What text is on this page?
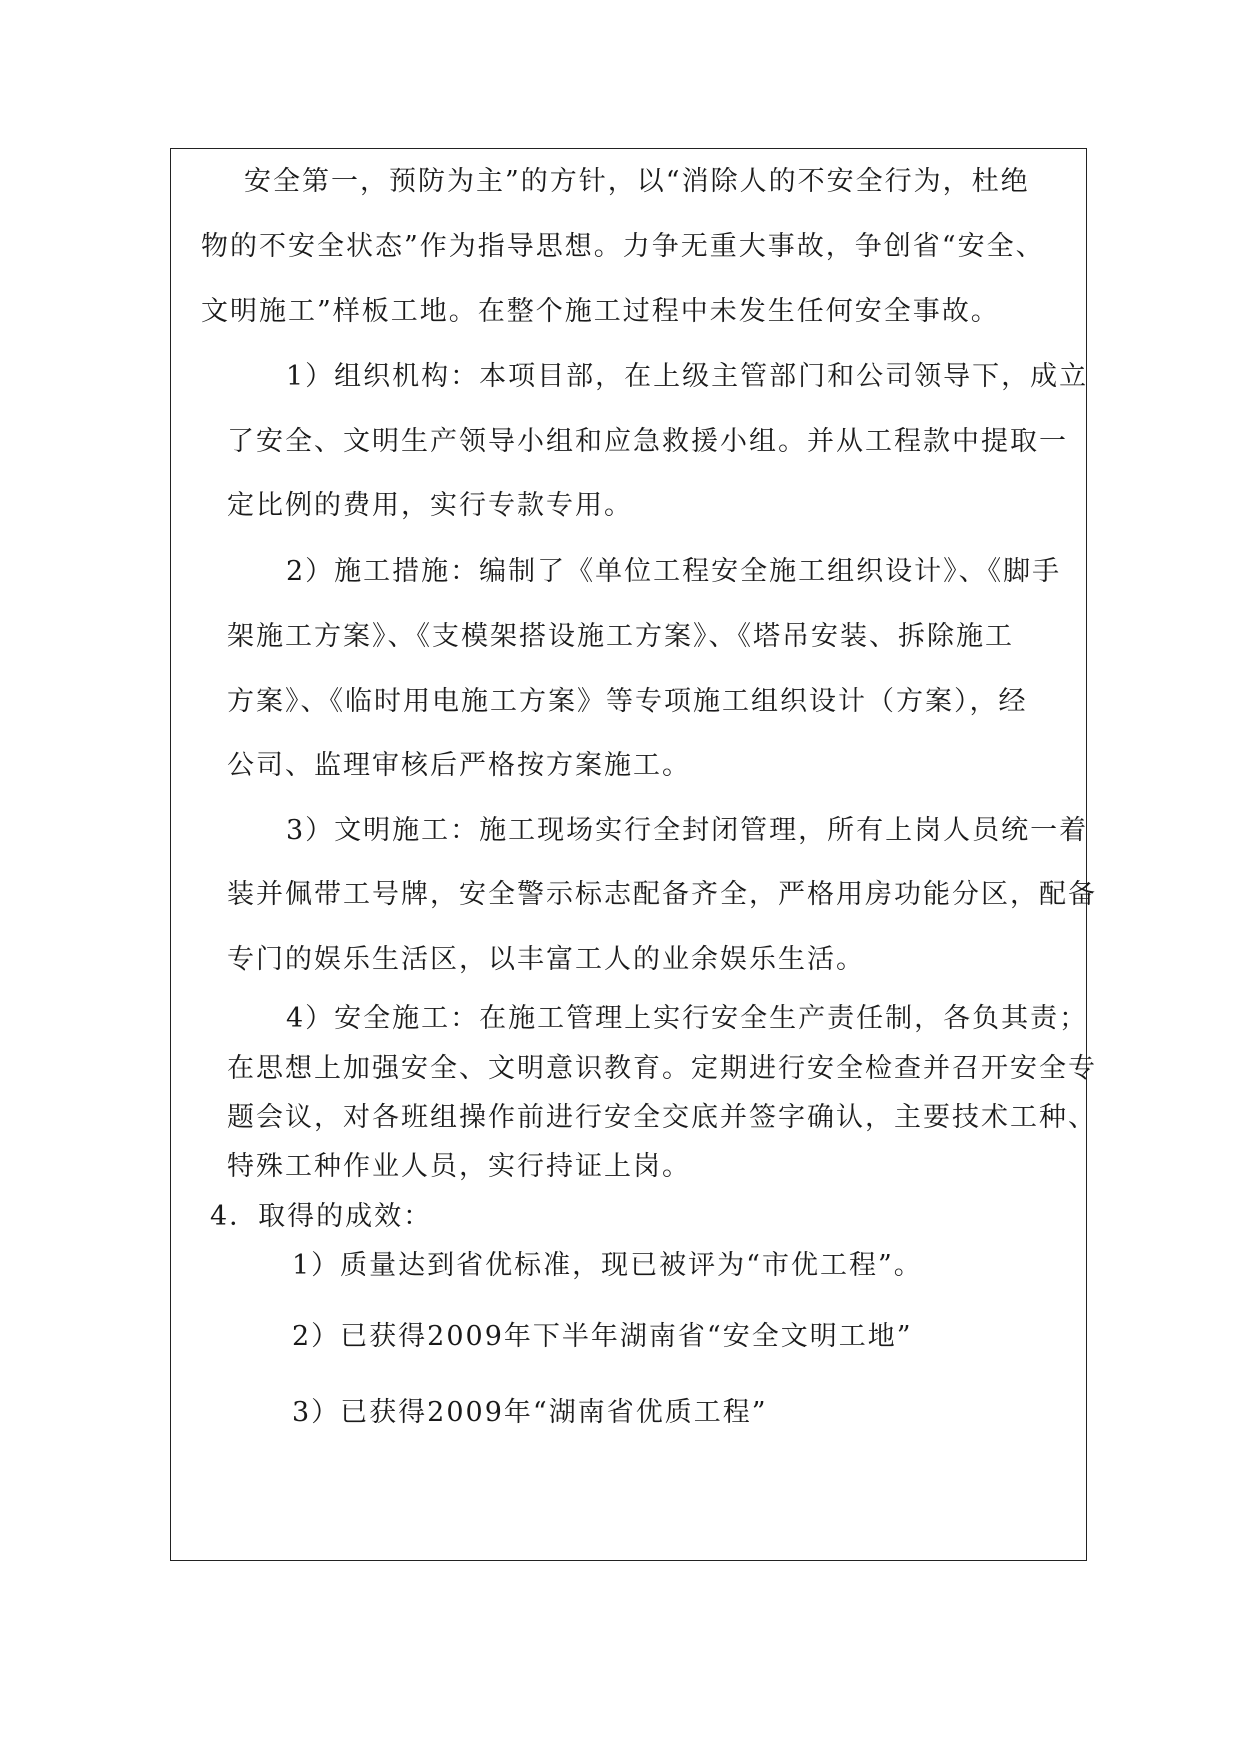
安全第一，预防为主”的方针，以“消除人的不安全行为，杜绝
物的不安全状态”作为指导思想。力争无重大事故，争创省“安全、
文明施工”样板工地。在整个施工过程中未发生任何安全事故。
1）组织机构：本项目部，在上级主管部门和公司领导下，成立
了安全、文明生产领导小组和应急救援小组。并从工程款中提取一
定比例的费用，实行专款专用。
2）施工措施：编制了《单位工程安全施工组织设计》、《脚手
架施工方案》、《支模架搭设施工方案》、《塔吊安装、拆除施工
方案》、《临时用电施工方案》等专项施工组织设计（方案），经
公司、监理审核后严格按方案施工。
3）文明施工：施工现场实行全封闭管理，所有上岗人员统一着
装并佩带工号牌，安全警示标志配备齐全，严格用房功能分区，配备
专门的娱乐生活区，以丰富工人的业余娱乐生活。
4）安全施工：在施工管理上实行安全生产责任制，各负其责；
在思想上加强安全、文明意识教育。定期进行安全检查并召开安全专
题会议，对各班组操作前进行安全交底并签字确认，主要技术工种、
特殊工种作业人员，实行持证上岗。
4．取得的成效：
1）质量达到省优标准，现已被评为“市优工程”。
2）已获得2009年下半年湖南省“安全文明工地”
3）已获得2009年“湖南省优质工程”
